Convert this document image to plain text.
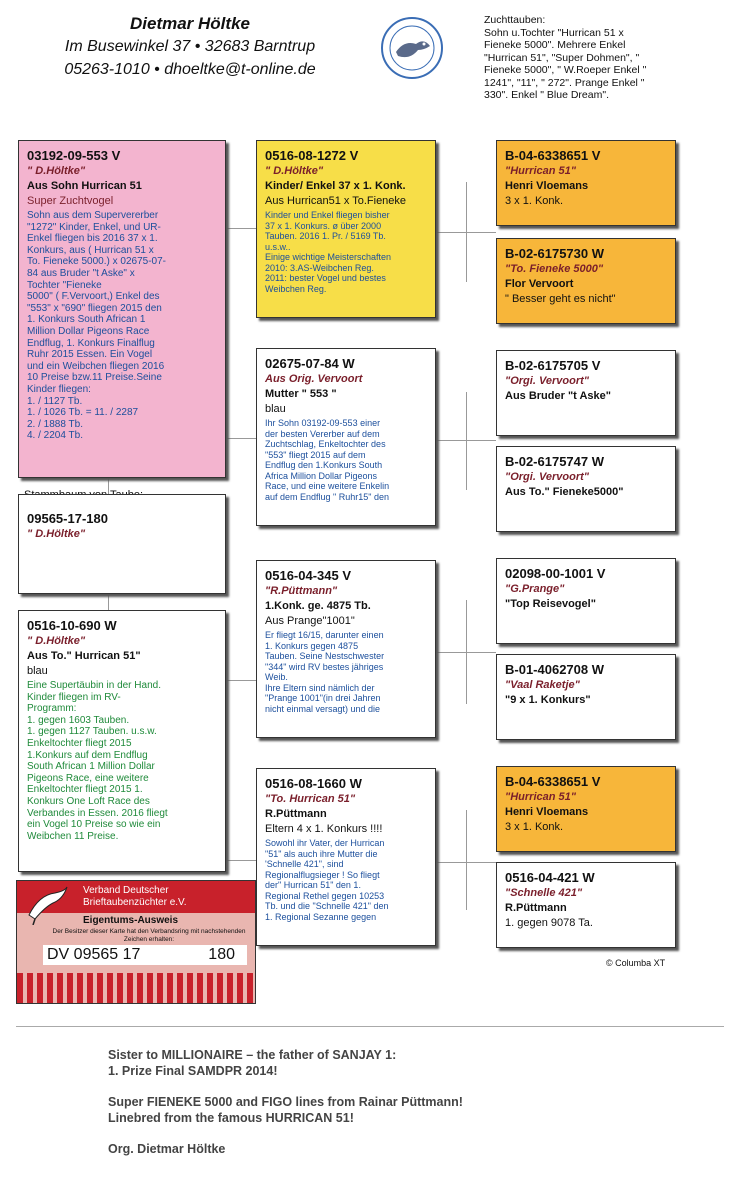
Dietmar Höltke
Im Busewinkel 37 • 32683 Barntrup
05263-1010 • dhoeltke@t-online.de
Zuchttauben:
Sohn u.Tochter "Hurrican 51 x
Fieneke 5000". Mehrere Enkel
"Hurrican 51", "Super Dohmen", "
Fieneke 5000", " W.Roeper Enkel "
1241", "11", " 272". Prange Enkel "
330". Enkel " Blue Dream".
03192-09-553 V
" D.Höltke"
Aus Sohn Hurrican 51
Super Zuchtvogel
Sohn aus dem Supervererber
"1272" Kinder, Enkel, und UR-
Enkel fliegen bis 2016 37 x 1.
Konkurs, aus ( Hurrican 51 x
To. Fieneke 5000.) x 02675-07-
84 aus Bruder "t Aske" x
Tochter "Fieneke
5000" ( F.Vervoort,) Enkel des
"553" x "690" fliegen 2015 den
1. Konkurs South African 1
Million Dollar Pigeons Race
Endflug, 1. Konkurs Finalflug
Ruhr 2015 Essen. Ein Vogel
und ein Weibchen fliegen 2016
10 Preise bzw.11 Preise.Seine
Kinder fliegen:
1. / 1127 Tb.
1. / 1026 Tb. = 11. / 2287
2. / 1888 Tb.
4. / 2204 Tb.
09565-17-180
" D.Höltke"
0516-10-690 W
" D.Höltke"
Aus To." Hurrican 51"
blau
Eine Supertäubin in der Hand.
Kinder fliegen im RV-
Programm:
1. gegen 1603 Tauben.
1. gegen 1127 Tauben. u.s.w.
Enkeltochter fliegt 2015
1.Konkurs auf dem Endflug
South African 1 Million Dollar
Pigeons Race, eine weitere
Enkeltochter fliegt 2015 1.
Konkurs One Loft Race des
Verbandes in Essen. 2016 fliegt
ein Vogel 10 Preise so wie ein
Weibchen 11 Preise.
0516-08-1272 V
" D.Höltke"
Kinder/ Enkel 37 x 1. Konk.
Aus Hurrican51 x To.Fieneke
Kinder und Enkel fliegen bisher
37 x 1. Konkurs. ø über 2000
Tauben. 2016 1. Pr. / 5169 Tb.
u.s.w..
Einige wichtige Meisterschaften
2010: 3.AS-Weibchen Reg.
2011: bester Vogel und bestes
Weibchen Reg.
02675-07-84 W
Aus Orig. Vervoort
Mutter " 553 "
blau
Ihr Sohn 03192-09-553 einer
der besten Vererber auf dem
Zuchtschlag, Enkeltochter des
"553" fliegt 2015 auf dem
Endflug den 1.Konkurs South
Africa Million Dollar Pigeons
Race, und eine weitere Enkelin
auf dem Endflug " Ruhr15" den
0516-04-345 V
"R.Püttmann"
1.Konk. ge. 4875 Tb.
Aus Prange"1001"
Er fliegt 16/15, darunter einen
1. Konkurs gegen 4875
Tauben. Seine Nestschwester
"344" wird RV bestes jähriges
Weib.
Ihre Eltern sind nämlich der
"Prange 1001"(in drei Jahren
nicht einmal versagt) und die
0516-08-1660 W
"To. Hurrican 51"
R.Püttmann
Eltern 4 x 1. Konkurs !!!!
Sowohl ihr Vater, der Hurrican
"51" als auch ihre Mutter die
'Schnelle 421", sind
Regionalflugsieger ! So fliegt
der" Hurrican 51" den 1.
Regional Rethel gegen 10253
Tb. und die "Schnelle 421" den
1. Regional Sezanne gegen
B-04-6338651 V
"Hurrican 51"
Henri Vloemans
3 x 1. Konk.
B-02-6175730 W
"To. Fieneke 5000"
Flor Vervoort
" Besser geht es nicht"
B-02-6175705 V
"Orgi. Vervoort"
Aus Bruder "t Aske"
B-02-6175747 W
"Orgi. Vervoort"
Aus To." Fieneke5000"
02098-00-1001 V
"G.Prange"
"Top Reisevogel"
B-01-4062708 W
"Vaal Raketje"
"9 x 1. Konkurs"
B-04-6338651 V
"Hurrican 51"
Henri Vloemans
3 x 1. Konk.
0516-04-421 W
"Schnelle 421"
R.Püttmann
1. gegen 9078 Ta.
Verband Deutscher
Brieftaubenzüchter e.V.
Eigentums-Ausweis
Der Besitzer dieser Karte hat den Verbandsring mit nachstehenden Zeichen erhalten:
DV 09565 17	180	© Columba XT
Sister to MILLIONAIRE – the father of SANJAY 1:
1. Prize Final SAMDPR 2014!
Super FIENEKE 5000 and FIGO lines from Rainar Püttmann!
Linebred from the famous HURRICAN 51!
Org. Dietmar Höltke
